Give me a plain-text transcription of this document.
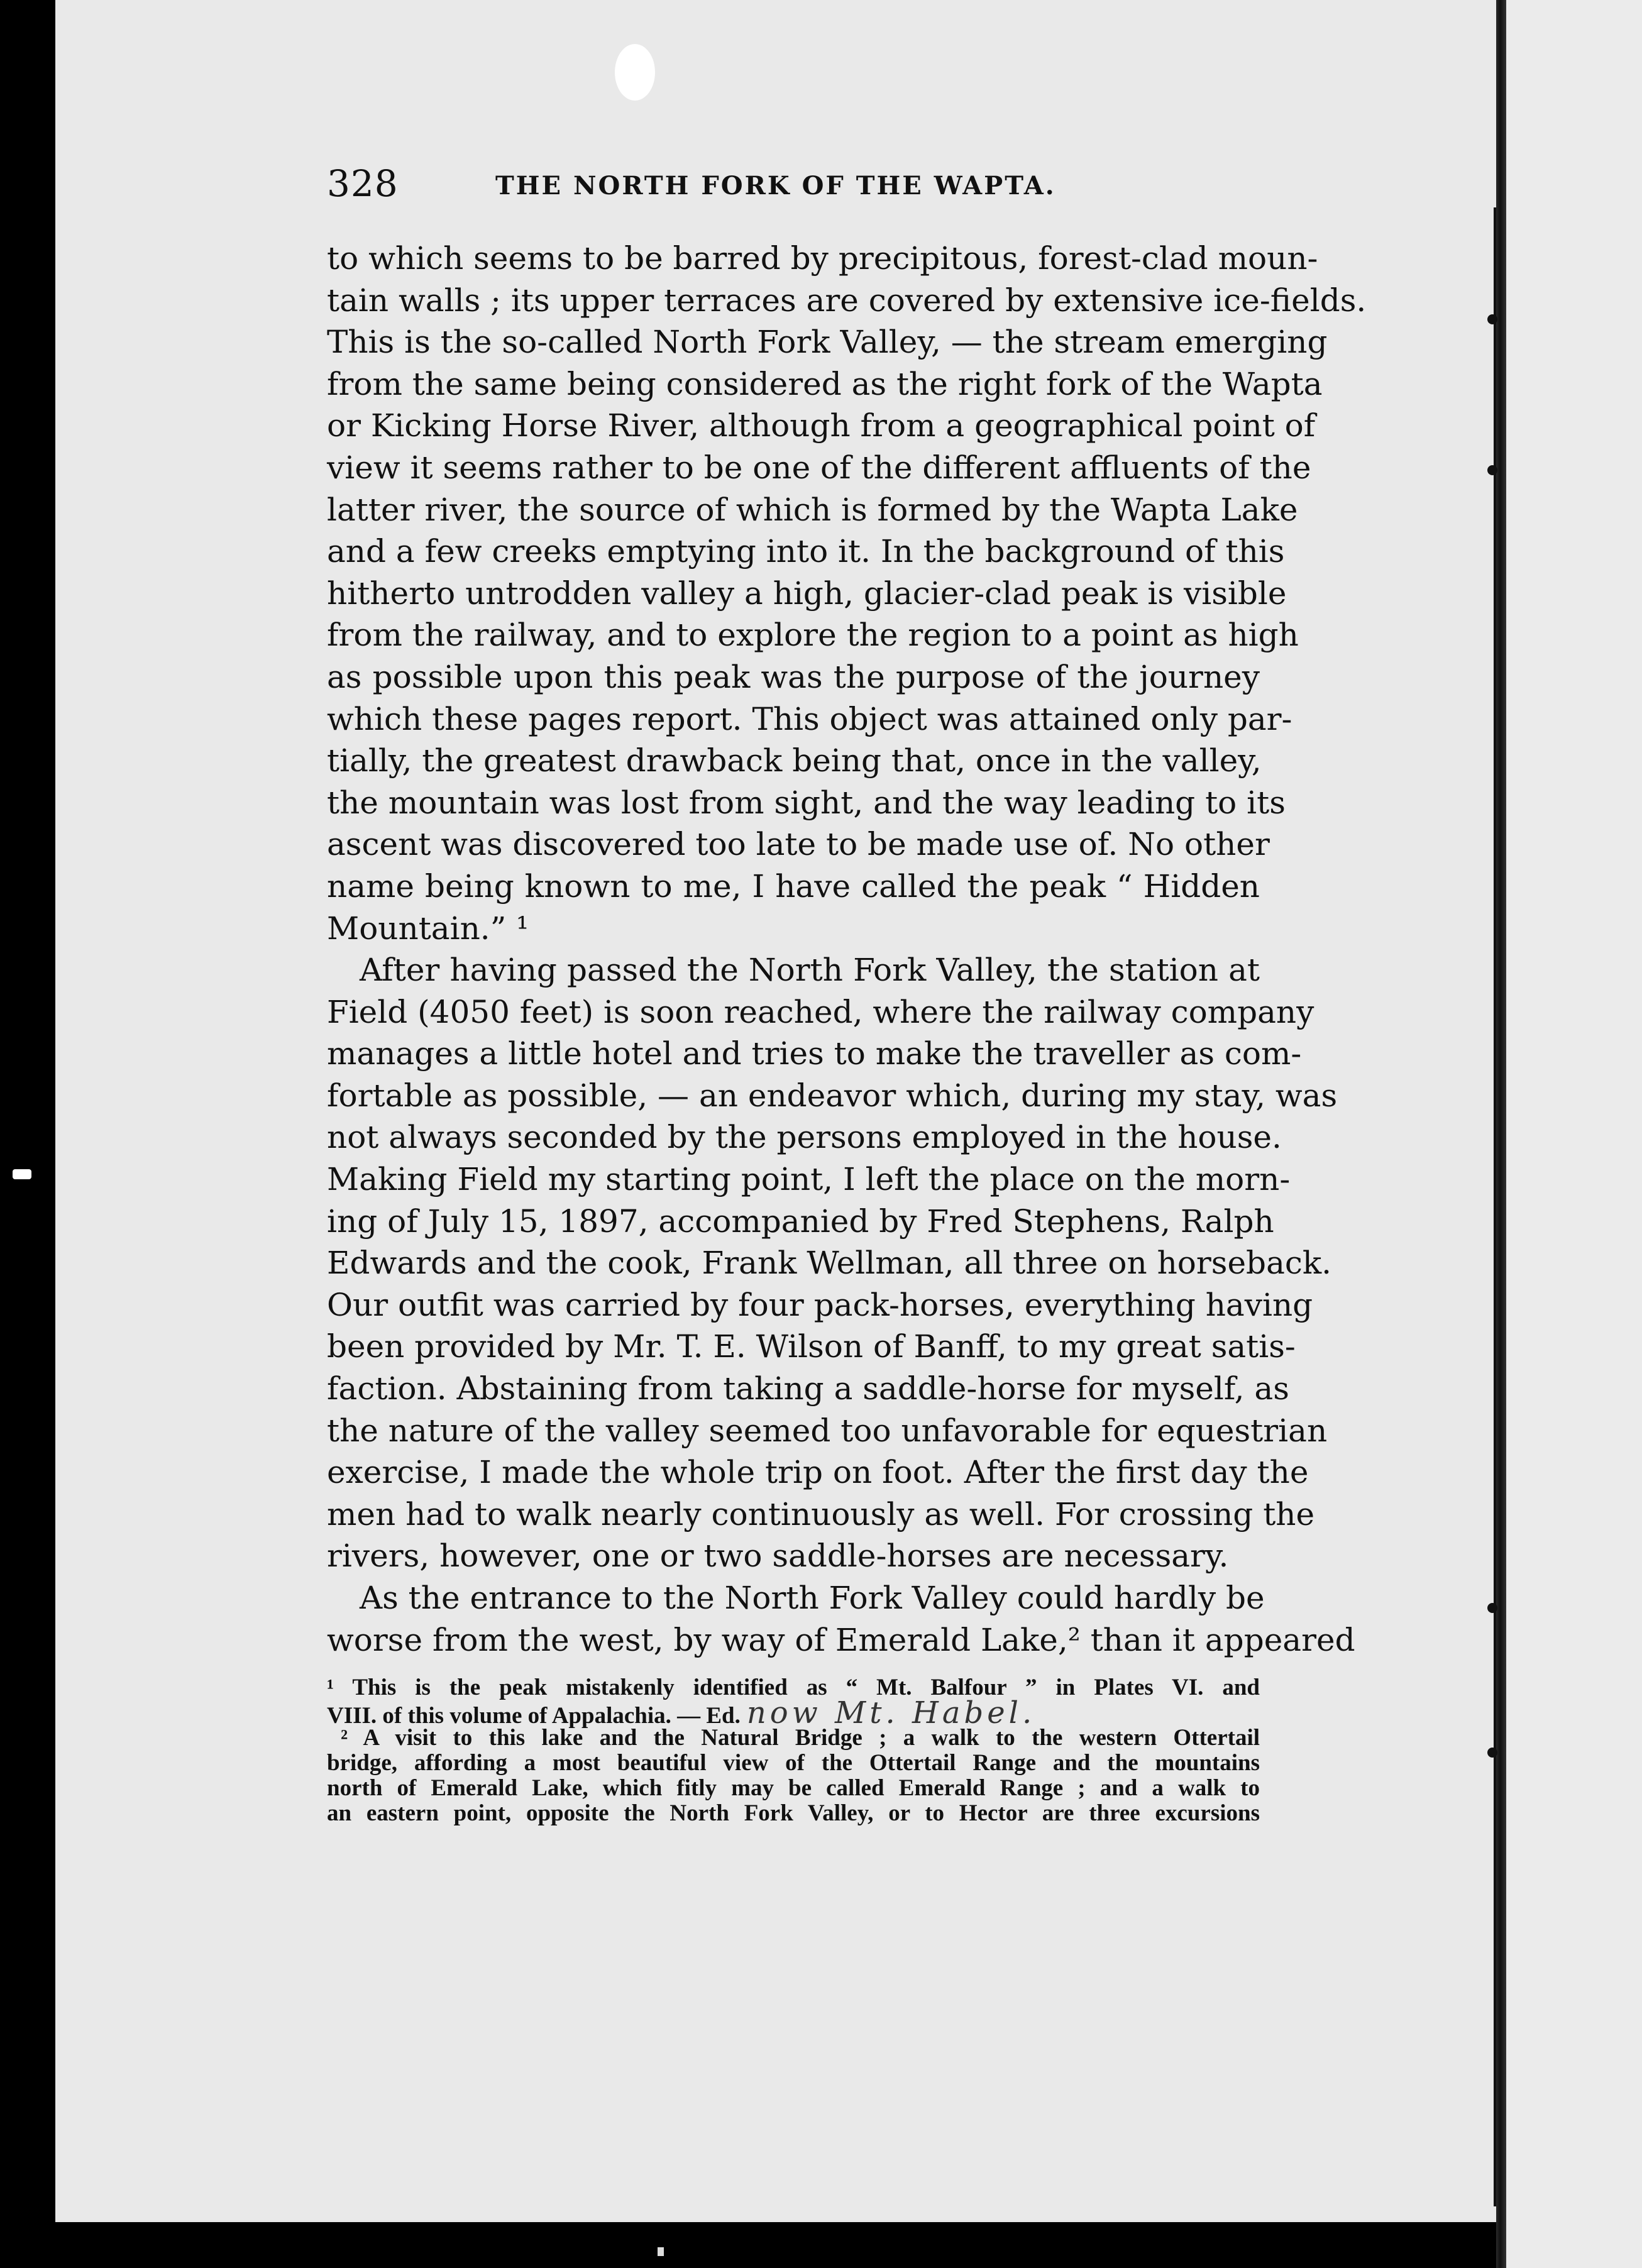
328	THE NORTH FORK OF THE WAPTA.
to which seems to be barred by precipitous, forest-clad moun-
tain walls ; its upper terraces are covered by extensive ice-fields.
This is the so-called North Fork Valley, — the stream emerging
from the same being considered as the right fork of the Wapta
or Kicking Horse River, although from a geographical point of
view it seems rather to be one of the different affluents of the
latter river, the source of which is formed by the Wapta Lake
and a few creeks emptying into it. In the background of this
hitherto untrodden valley a high, glacier-clad peak is visible
from the railway, and to explore the region to a point as high
as possible upon this peak was the purpose of the journey
which these pages report. This object was attained only par-
tially, the greatest drawback being that, once in the valley,
the mountain was lost from sight, and the way leading to its
ascent was discovered too late to be made use of. No other
name being known to me, I have called the peak “ Hidden
Mountain.” ¹
After having passed the North Fork Valley, the station at
Field (4050 feet) is soon reached, where the railway company
manages a little hotel and tries to make the traveller as com-
fortable as possible, — an endeavor which, during my stay, was
not always seconded by the persons employed in the house.
Making Field my starting point, I left the place on the morn-
ing of July 15, 1897, accompanied by Fred Stephens, Ralph
Edwards and the cook, Frank Wellman, all three on horseback.
Our outfit was carried by four pack-horses, everything having
been provided by Mr. T. E. Wilson of Banff, to my great satis-
faction. Abstaining from taking a saddle-horse for myself, as
the nature of the valley seemed too unfavorable for equestrian
exercise, I made the whole trip on foot. After the first day the
men had to walk nearly continuously as well. For crossing the
rivers, however, one or two saddle-horses are necessary.
As the entrance to the North Fork Valley could hardly be
worse from the west, by way of Emerald Lake,² than it appeared
¹ This is the peak mistakenly identified as “ Mt. Balfour ” in Plates VI. and
VIII. of this volume of Appalachia. — Ed. now Mt. Habel.
² A visit to this lake and the Natural Bridge ; a walk to the western Ottertail
bridge, affording a most beautiful view of the Ottertail Range and the mountains
north of Emerald Lake, which fitly may be called Emerald Range ; and a walk to
an eastern point, opposite the North Fork Valley, or to Hector are three excursions
